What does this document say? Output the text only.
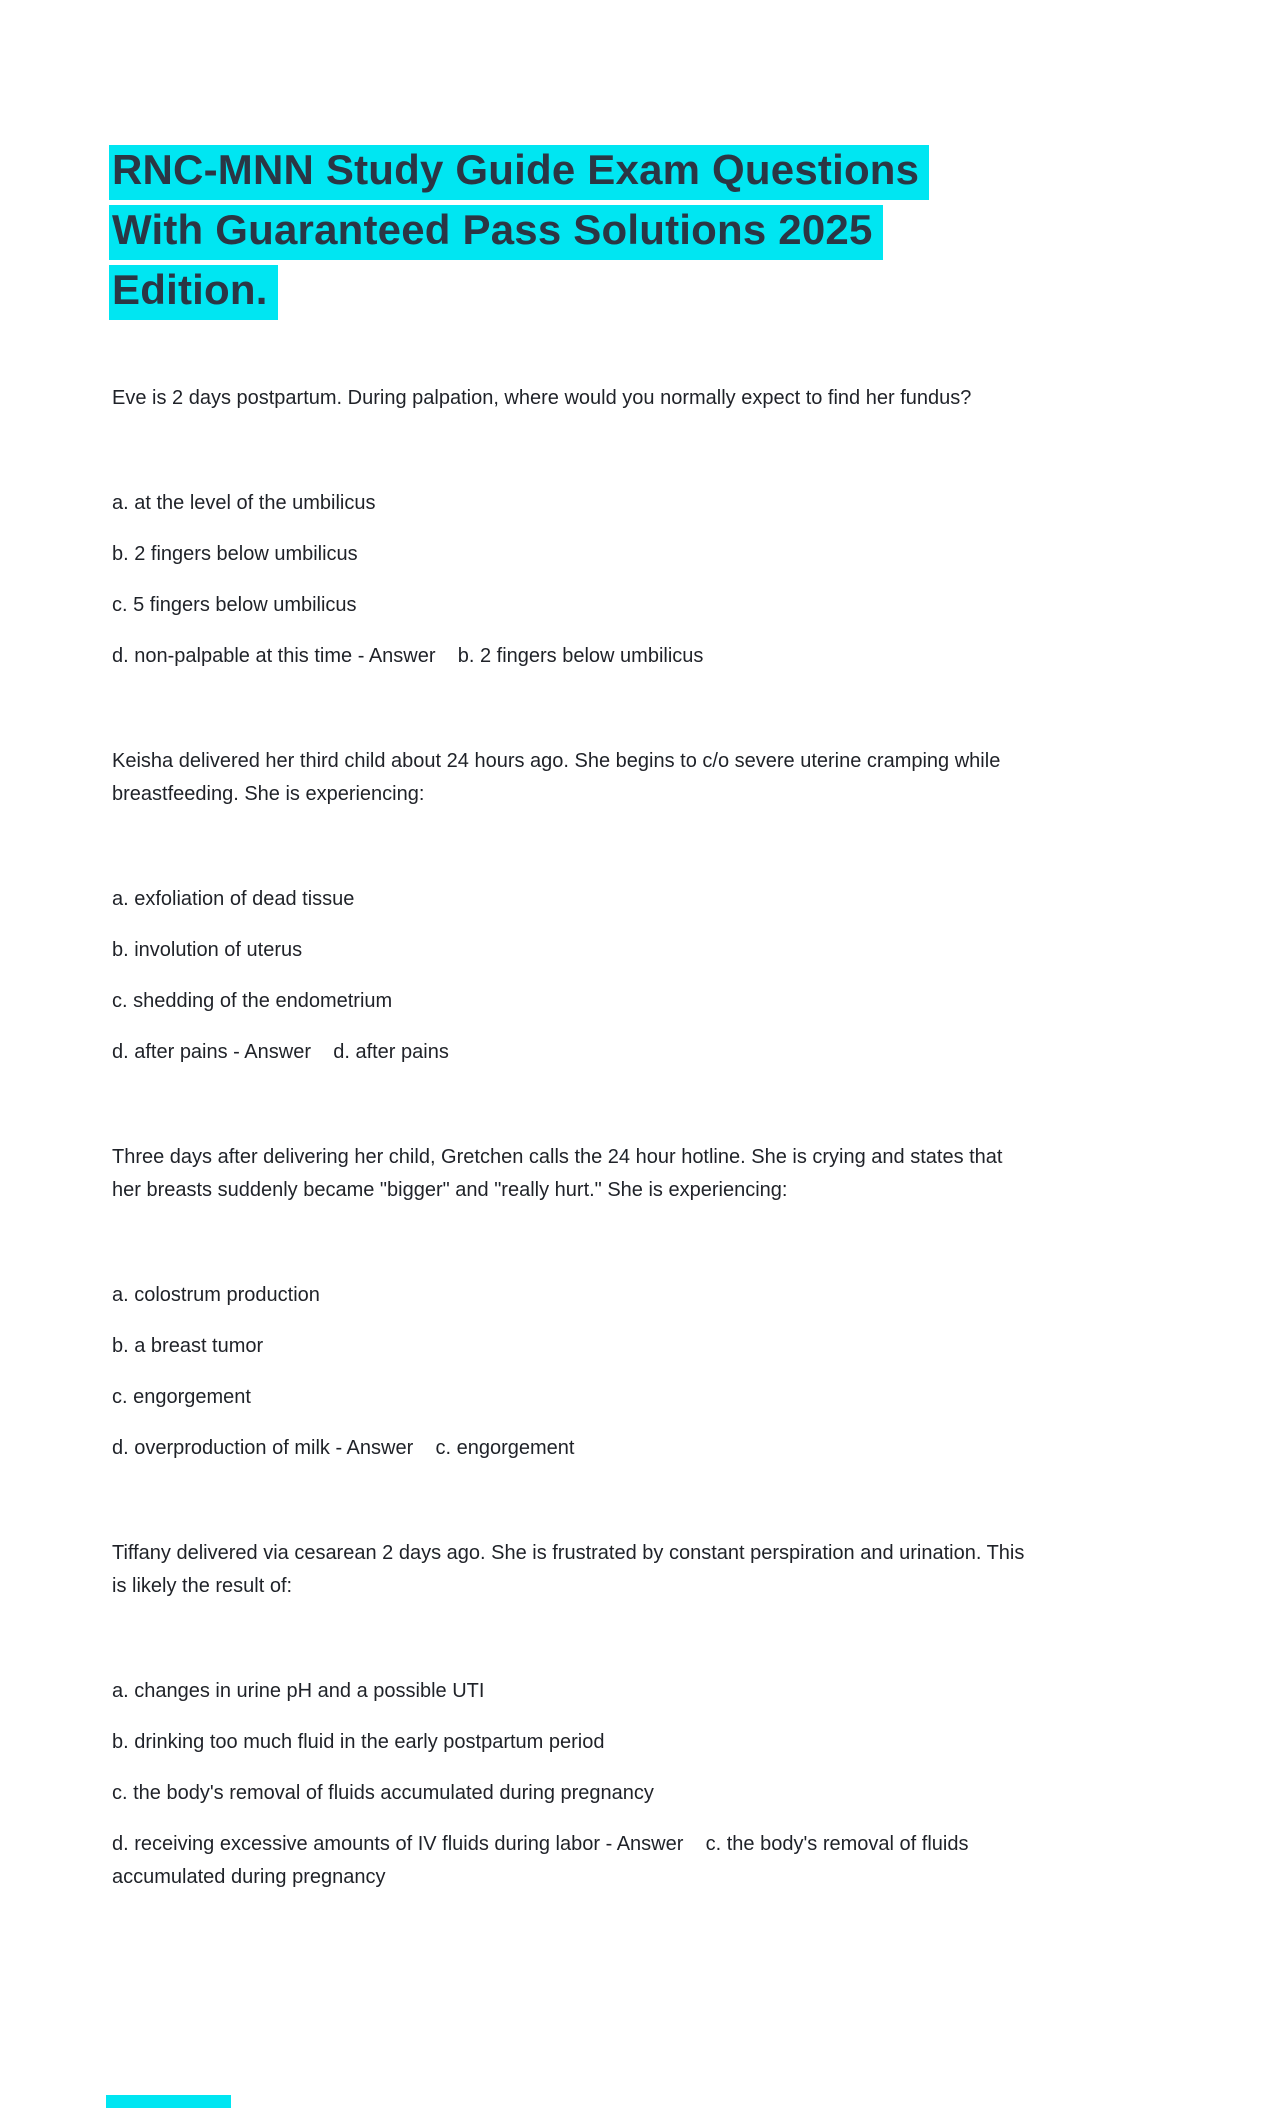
RNC-MNN Study Guide Exam Questions
With Guaranteed Pass Solutions 2025
Edition.

Eve is 2 days postpartum. During palpation, where would you normally expect to find her fundus?

a. at the level of the umbilicus

b. 2 fingers below umbilicus

c. 5 fingers below umbilicus

d. non-palpable at this time - Answer    b. 2 fingers below umbilicus

Keisha delivered her third child about 24 hours ago. She begins to c/o severe uterine cramping while breastfeeding. She is experiencing:

a. exfoliation of dead tissue

b. involution of uterus

c. shedding of the endometrium

d. after pains - Answer    d. after pains

Three days after delivering her child, Gretchen calls the 24 hour hotline. She is crying and states that her breasts suddenly became "bigger" and "really hurt." She is experiencing:

a. colostrum production

b. a breast tumor

c. engorgement

d. overproduction of milk - Answer    c. engorgement

Tiffany delivered via cesarean 2 days ago. She is frustrated by constant perspiration and urination. This is likely the result of:

a. changes in urine pH and a possible UTI

b. drinking too much fluid in the early postpartum period

c. the body's removal of fluids accumulated during pregnancy

d. receiving excessive amounts of IV fluids during labor - Answer    c. the body's removal of fluids accumulated during pregnancy
